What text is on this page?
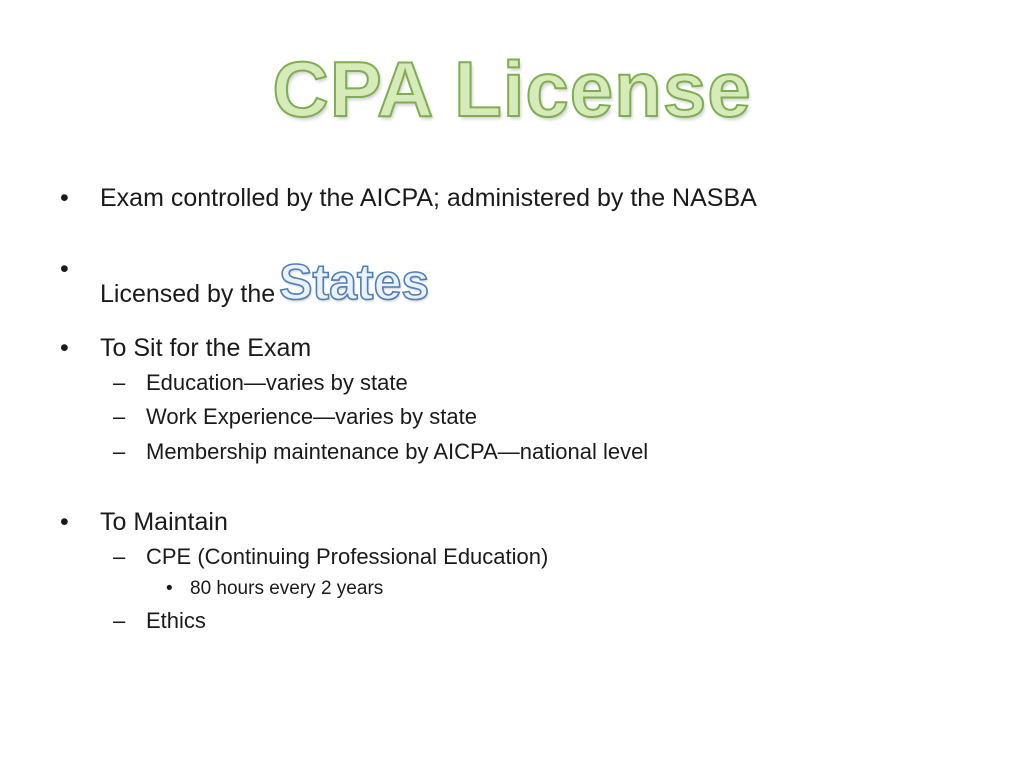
CPA License
• Exam controlled by the AICPA; administered by the NASBA
•
Licensed by theStates
• To Sit for the Exam
– Education—varies by state
– Work Experience—varies by state
– Membership maintenance by AICPA—national level
• To Maintain
– CPE (Continuing Professional Education)
• 80 hours every 2 years
– Ethics
